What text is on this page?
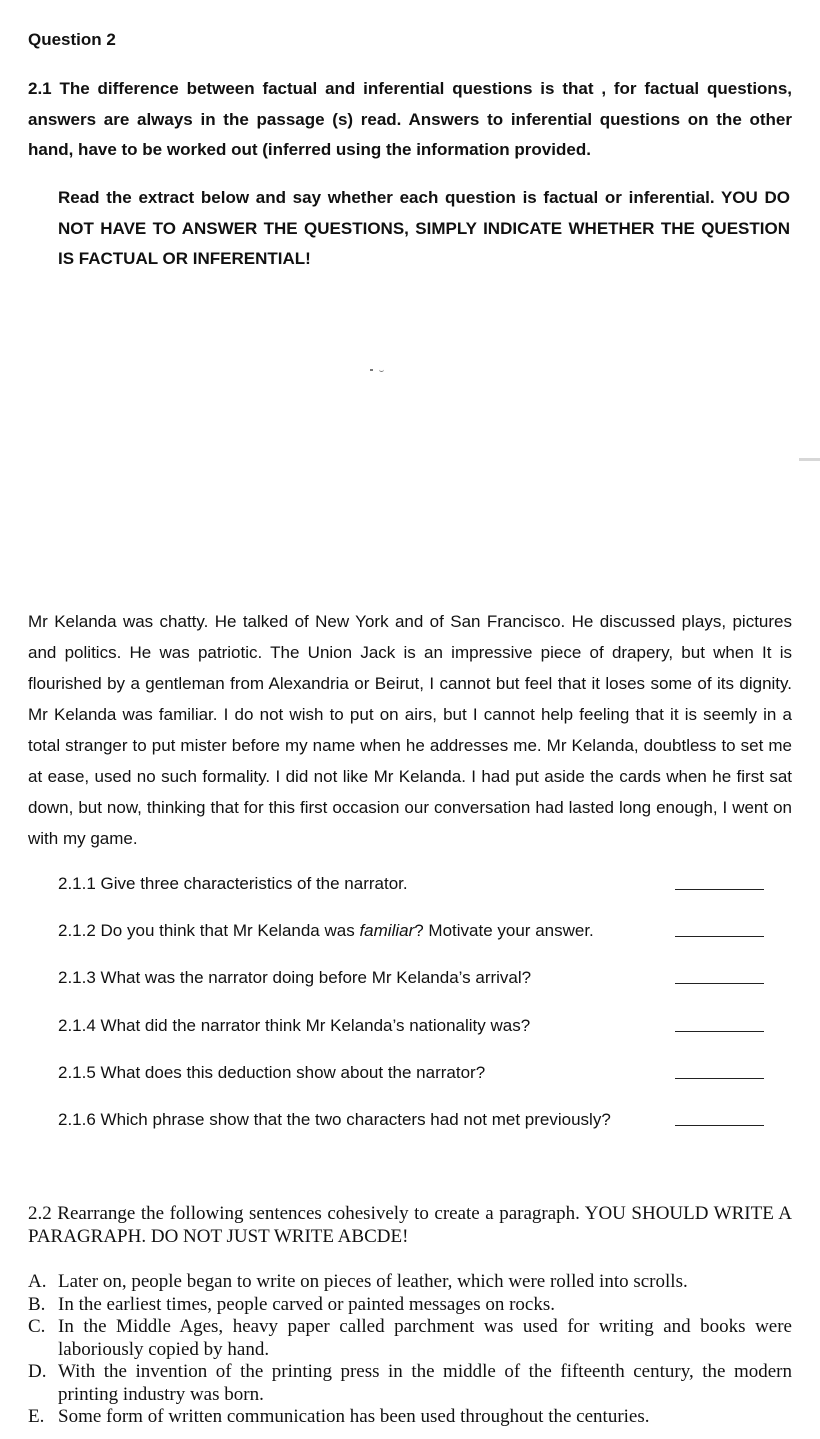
Question 2
2.1 The difference between factual and inferential questions is that , for factual questions, answers are always in the passage (s) read. Answers to inferential questions on the other hand, have to be worked out (inferred using the information provided.
Read the extract below and say whether each question is factual or inferential. YOU DO NOT HAVE TO ANSWER THE QUESTIONS, SIMPLY INDICATE WHETHER THE QUESTION IS FACTUAL OR INFERENTIAL!
Mr Kelanda was chatty. He talked of New York and of San Francisco. He discussed plays, pictures and politics. He was patriotic. The Union Jack is an impressive piece of drapery, but when It is flourished by a gentleman from Alexandria or Beirut, I cannot but feel that it loses some of its dignity. Mr Kelanda was familiar. I do not wish to put on airs, but I cannot help feeling that it is seemly in a total stranger to put mister before my name when he addresses me. Mr Kelanda, doubtless to set me at ease, used no such formality. I did not like Mr Kelanda. I had put aside the cards when he first sat down, but now, thinking that for this first occasion our conversation had lasted long enough, I went on with my game.
2.1.1 Give three characteristics of the narrator.
2.1.2 Do you think that Mr Kelanda was familiar? Motivate your answer.
2.1.3 What was the narrator doing before Mr Kelanda’s arrival?
2.1.4 What did the narrator think Mr Kelanda’s nationality was?
2.1.5 What does this deduction show about the narrator?
2.1.6 Which phrase show that the two characters had not met previously?
2.2 Rearrange the following sentences cohesively to create a paragraph. YOU SHOULD WRITE A PARAGRAPH. DO NOT JUST WRITE ABCDE!
A. Later on, people began to write on pieces of leather, which were rolled into scrolls.
B. In the earliest times, people carved or painted messages on rocks.
C. In the Middle Ages, heavy paper called parchment was used for writing and books were laboriously copied by hand.
D. With the invention of the printing press in the middle of the fifteenth century, the modern printing industry was born.
E. Some form of written communication has been used throughout the centuries.
